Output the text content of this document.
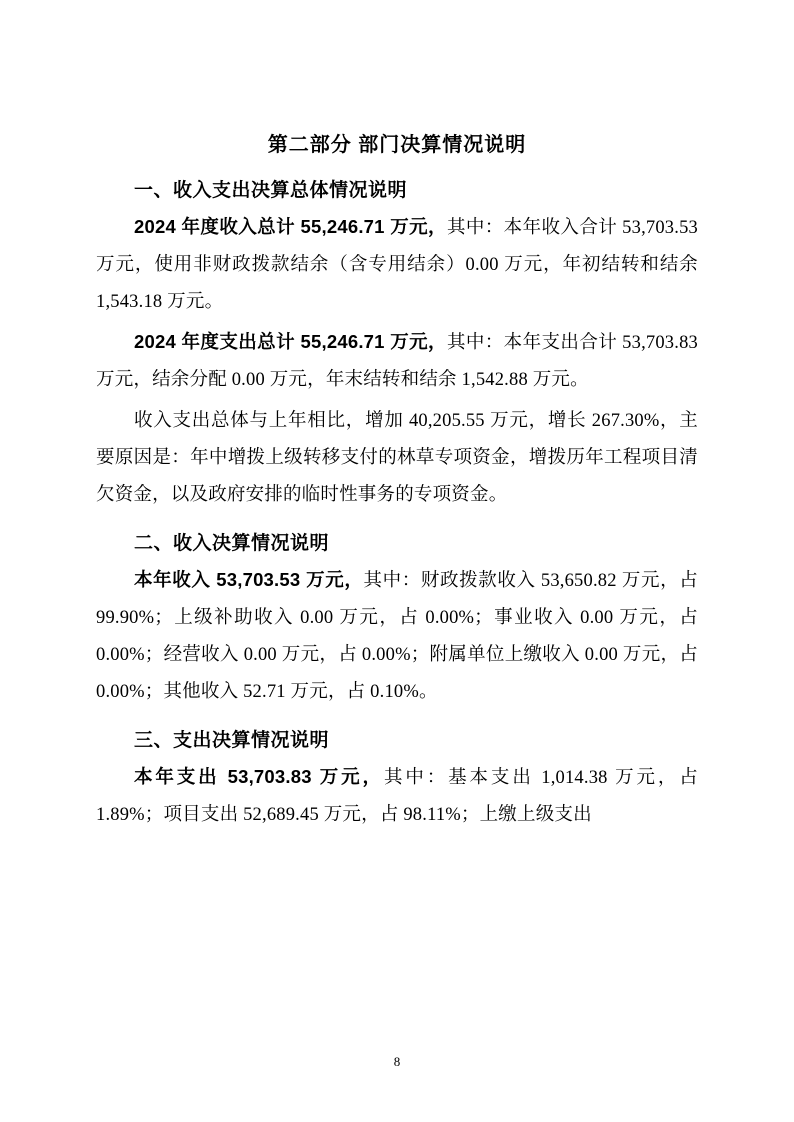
第二部分 部门决算情况说明
一、收入支出决算总体情况说明

2024 年度收入总计 55,246.71 万元，其中：本年收入合计 53,703.53 万元，使用非财政拨款结余（含专用结余）0.00 万元，年初结转和结余 1,543.18 万元。

2024 年度支出总计 55,246.71 万元，其中：本年支出合计 53,703.83 万元，结余分配 0.00 万元，年末结转和结余 1,542.88 万元。

收入支出总体与上年相比，增加 40,205.55 万元，增长 267.30%，主要原因是：年中增拨上级转移支付的林草专项资金，增拨历年工程项目清欠资金，以及政府安排的临时性事务的专项资金。

二、收入决算情况说明

本年收入 53,703.53 万元，其中：财政拨款收入 53,650.82 万元，占 99.90%；上级补助收入 0.00 万元，占 0.00%；事业收入 0.00 万元，占 0.00%；经营收入 0.00 万元，占 0.00%；附属单位上缴收入 0.00 万元，占 0.00%；其他收入 52.71 万元，占 0.10%。

三、支出决算情况说明

本年支出 53,703.83 万元，其中：基本支出 1,014.38 万元，占 1.89%；项目支出 52,689.45 万元，占 98.11%；上缴上级支出

8
